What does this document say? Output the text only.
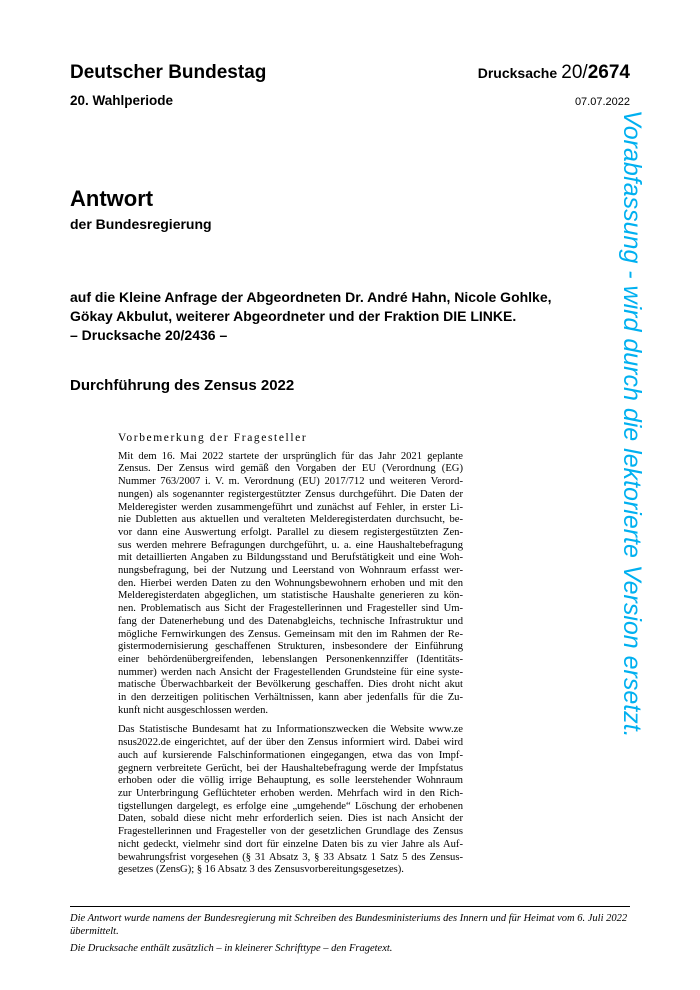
Deutscher Bundestag	Drucksache 20/2674
20. Wahlperiode	07.07.2022
Antwort
der Bundesregierung
auf die Kleine Anfrage der Abgeordneten Dr. André Hahn, Nicole Gohlke,
Gökay Akbulut, weiterer Abgeordneter und der Fraktion DIE LINKE.
– Drucksache 20/2436 –
Durchführung des Zensus 2022
Vorbemerkung der Fragesteller
Mit dem 16. Mai 2022 startete der ursprünglich für das Jahr 2021 geplante
Zensus. Der Zensus wird gemäß den Vorgaben der EU (Verordnung (EG)
Nummer 763/2007 i. V. m. Verordnung (EU) 2017/712 und weiteren Verord-
nungen) als sogenannter registergestützter Zensus durchgeführt. Die Daten der
Melderegister werden zusammengeführt und zunächst auf Fehler, in erster Li-
nie Dubletten aus aktuellen und veralteten Melderegisterdaten durchsucht, be-
vor dann eine Auswertung erfolgt. Parallel zu diesem registergestützten Zen-
sus werden mehrere Befragungen durchgeführt, u. a. eine Haushaltebefragung
mit detaillierten Angaben zu Bildungsstand und Berufstätigkeit und eine Woh-
nungsbefragung, bei der Nutzung und Leerstand von Wohnraum erfasst wer-
den. Hierbei werden Daten zu den Wohnungsbewohnern erhoben und mit den
Melderegisterdaten abgeglichen, um statistische Haushalte generieren zu kön-
nen. Problematisch aus Sicht der Fragestellerinnen und Fragesteller sind Um-
fang der Datenerhebung und des Datenabgleichs, technische Infrastruktur und
mögliche Fernwirkungen des Zensus. Gemeinsam mit den im Rahmen der Re-
gistermodernisierung geschaffenen Strukturen, insbesondere der Einführung
einer behördenübergreifenden, lebenslangen Personenkennziffer (Identitäts-
nummer) werden nach Ansicht der Fragestellenden Grundsteine für eine syste-
matische Überwachbarkeit der Bevölkerung geschaffen. Dies droht nicht akut
in den derzeitigen politischen Verhältnissen, kann aber jedenfalls für die Zu-
kunft nicht ausgeschlossen werden.
Das Statistische Bundesamt hat zu Informationszwecken die Website www.ze
nsus2022.de eingerichtet, auf der über den Zensus informiert wird. Dabei wird
auch auf kursierende Falschinformationen eingegangen, etwa das von Impf-
gegnern verbreitete Gerücht, bei der Haushaltebefragung werde der Impfstatus
erhoben oder die völlig irrige Behauptung, es solle leerstehender Wohnraum
zur Unterbringung Geflüchteter erhoben werden. Mehrfach wird in den Rich-
tigstellungen dargelegt, es erfolge eine „umgehende“ Löschung der erhobenen
Daten, sobald diese nicht mehr erforderlich seien. Dies ist nach Ansicht der
Fragestellerinnen und Fragesteller von der gesetzlichen Grundlage des Zensus
nicht gedeckt, vielmehr sind dort für einzelne Daten bis zu vier Jahre als Auf-
bewahrungsfrist vorgesehen (§ 31 Absatz 3, § 33 Absatz 1 Satz 5 des Zensus-
gesetzes (ZensG); § 16 Absatz 3 des Zensusvorbereitungsgesetzes).
Die Antwort wurde namens der Bundesregierung mit Schreiben des Bundesministeriums des Innern und für Heimat vom 6. Juli 2022 übermittelt.
Die Drucksache enthält zusätzlich – in kleinerer Schrifttype – den Fragetext.
Vorabfassung - wird durch die lektorierte Version ersetzt.
